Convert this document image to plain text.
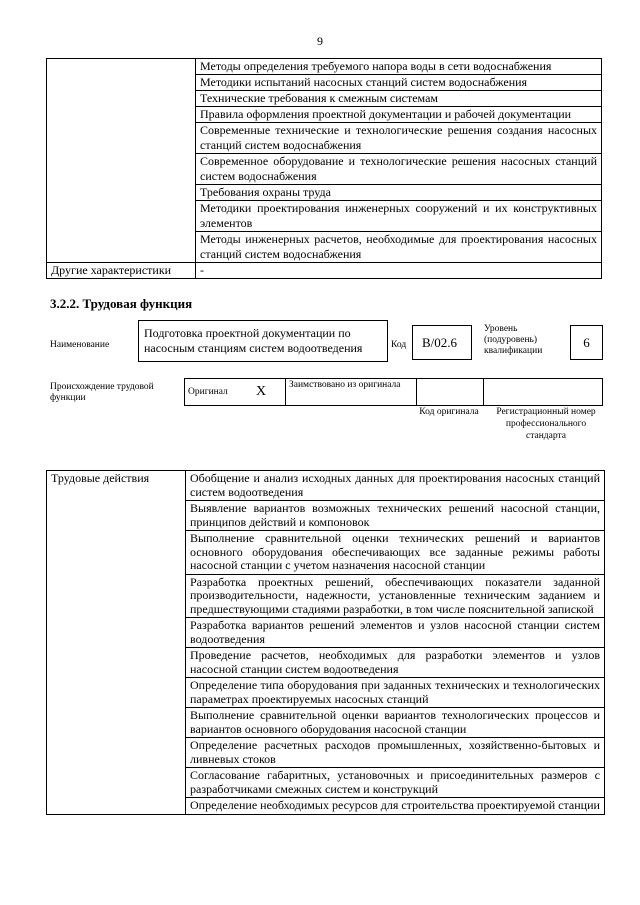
9
	Методы определения требуемого напора воды в сети водоснабжения
	Методики испытаний насосных станций систем водоснабжения
	Технические требования к смежным системам
	Правила оформления проектной документации и рабочей документации
	Современные технические и технологические решения создания насосных станций систем водоснабжения
	Современное оборудование и технологические решения насосных станций систем водоснабжения
	Требования охраны труда
	Методики проектирования инженерных сооружений и их конструктивных элементов
	Методы инженерных расчетов, необходимые для проектирования насосных станций систем водоснабжения
Другие характеристики	-
3.2.2. Трудовая функция
Наименование
Подготовка проектной документации по насосным станциям систем водоотведения	Код В/02.6
Уровень (подуровень) квалификации
6
Происхождение трудовой функции
Оригинал	X	Заимствовано из оригинала		
Код оригинала	Регистрационный номер профессионального стандарта
Трудовые действия	Обобщение и анализ исходных данных для проектирования насосных станций систем водоотведения
Выявление вариантов возможных технических решений насосной станции, принципов действий и компоновок
Выполнение сравнительной оценки технических решений и вариантов основного оборудования обеспечивающих все заданные режимы работы насосной станции с учетом назначения насосной станции
Разработка проектных решений, обеспечивающих показатели заданной производительности, надежности, установленные техническим заданием и предшествующими стадиями разработки, в том числе пояснительной запиской
Разработка вариантов решений элементов и узлов насосной станции систем водоотведения
Проведение расчетов, необходимых для разработки элементов и узлов насосной станции систем водоотведения
Определение типа оборудования при заданных технических и технологических параметрах проектируемых насосных станций
Выполнение сравнительной оценки вариантов технологических процессов и вариантов основного оборудования насосной станции
Определение расчетных расходов промышленных, хозяйственно-бытовых и ливневых стоков
Согласование габаритных, установочных и присоединительных размеров с разработчиками смежных систем и конструкций
Определение необходимых ресурсов для строительства проектируемой станции
